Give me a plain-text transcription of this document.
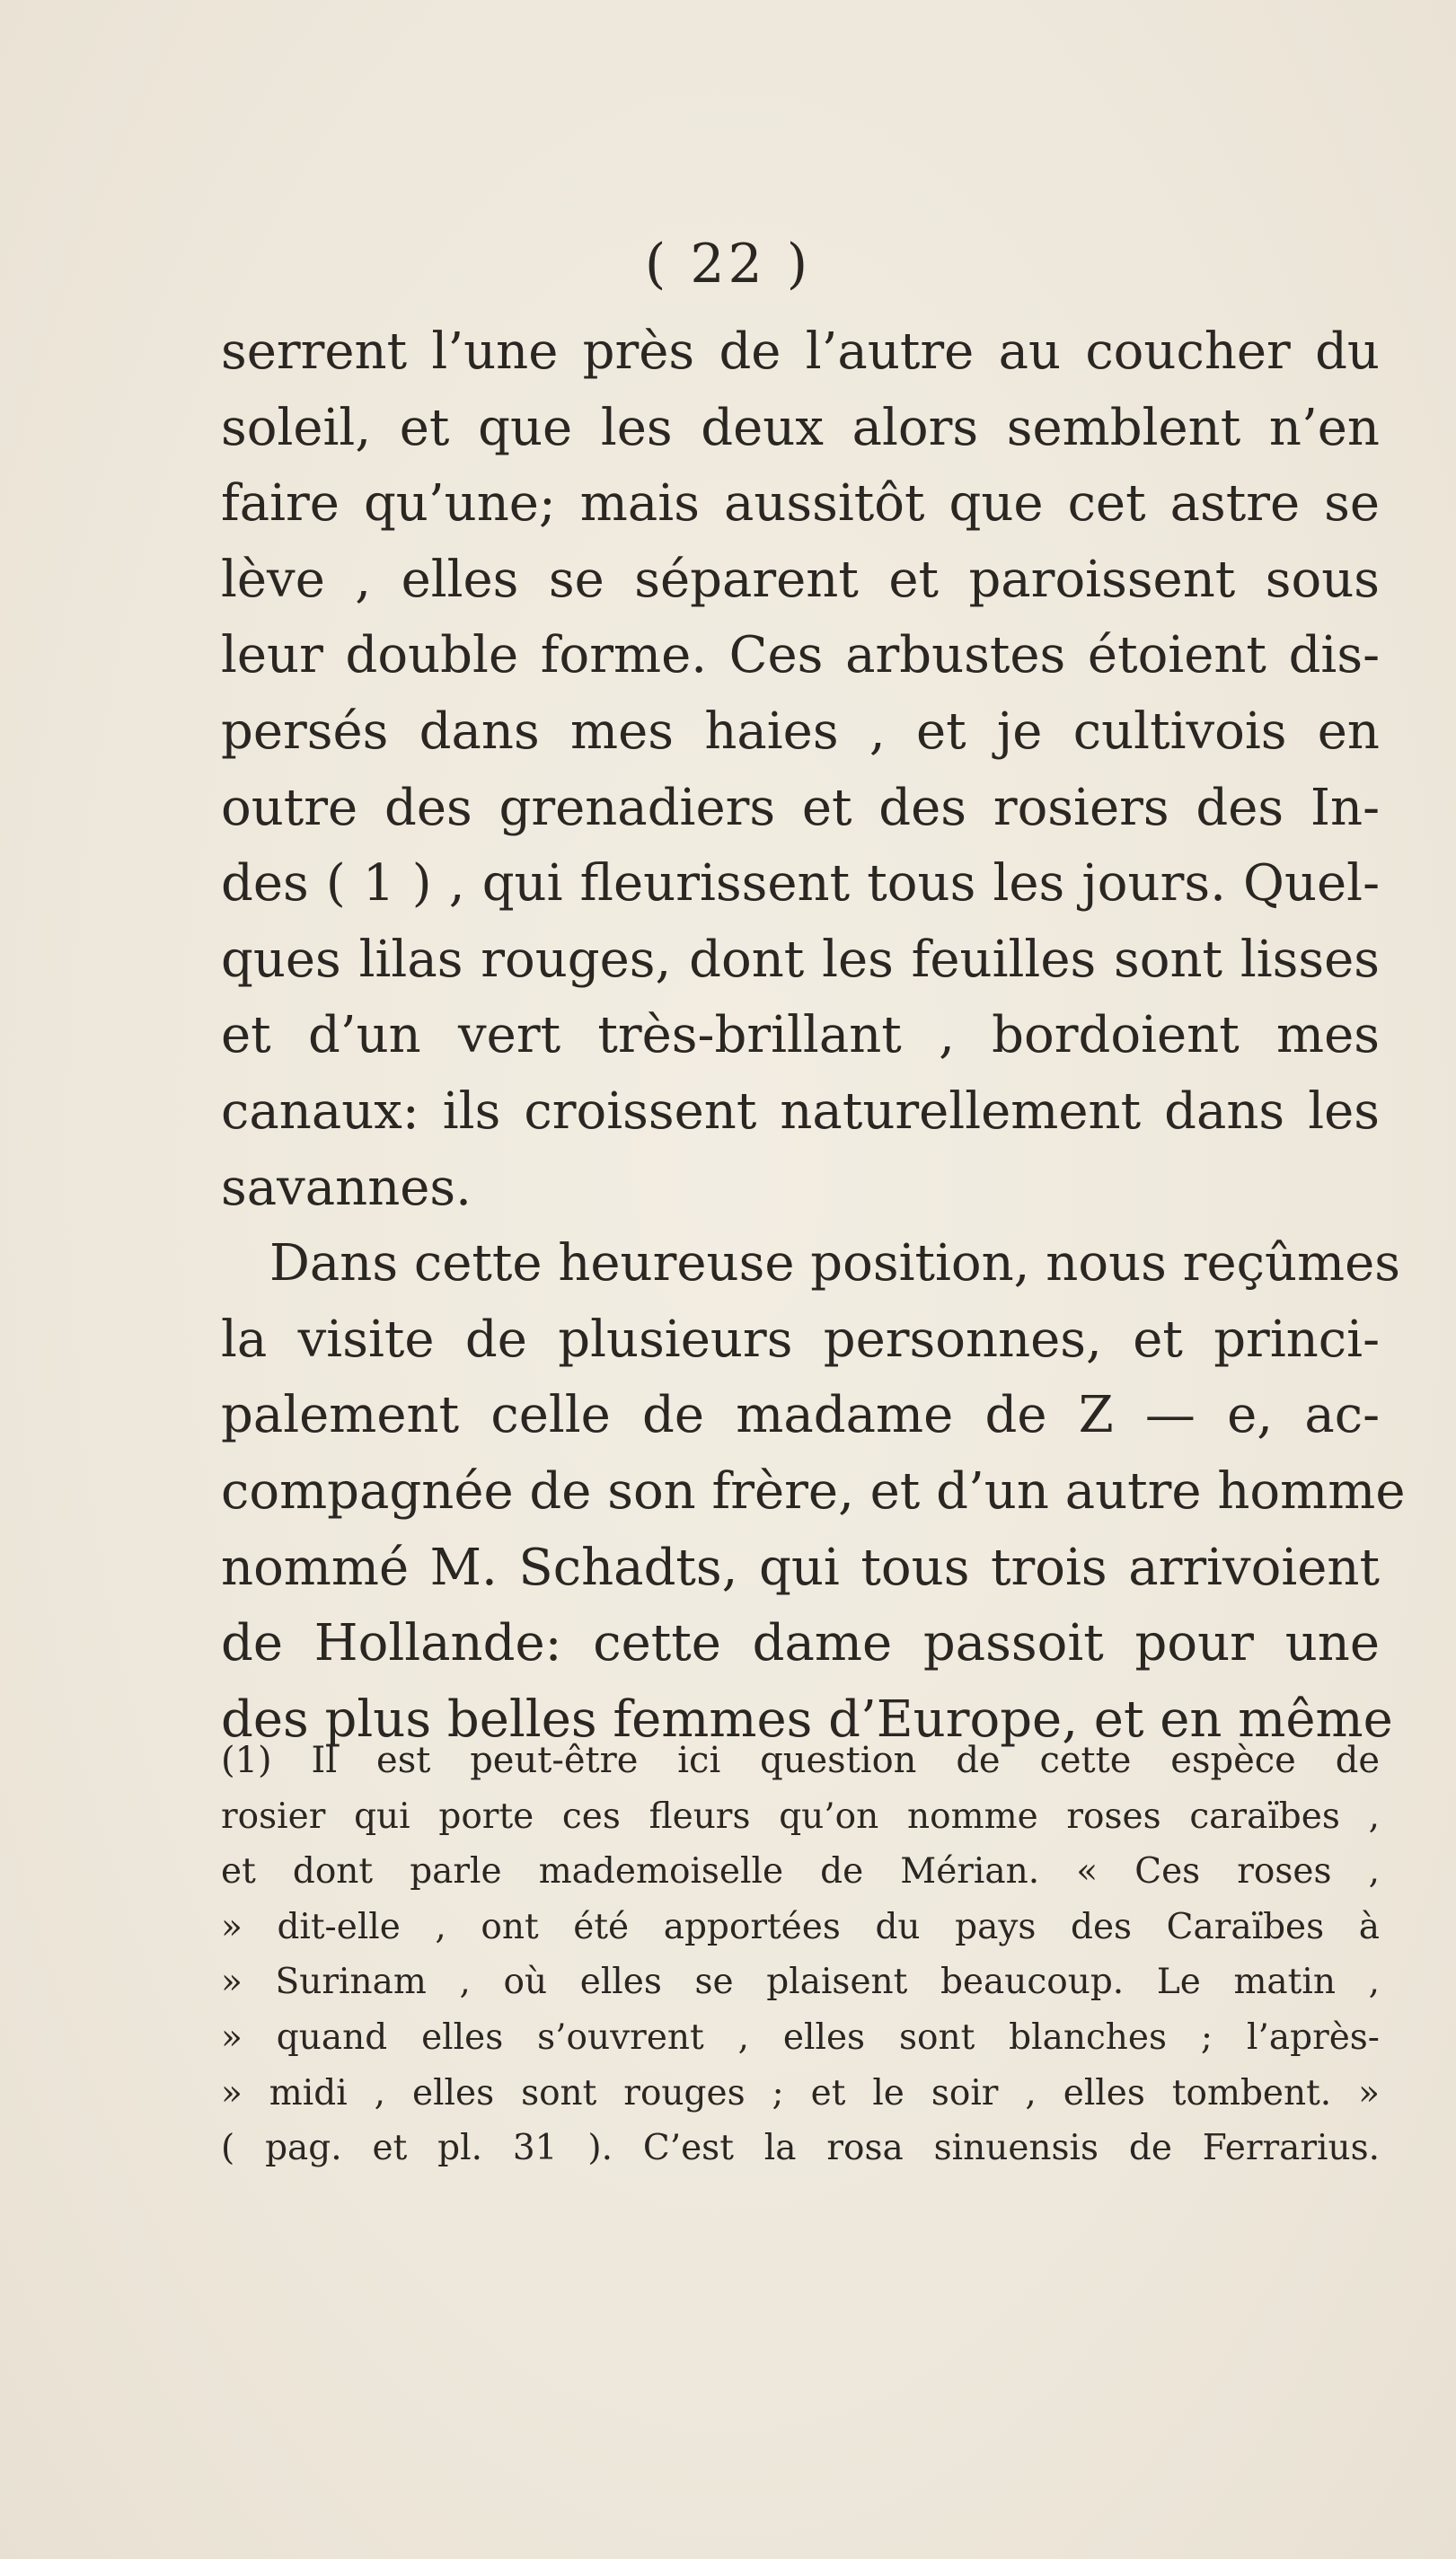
( 22 )
serrent l’une près de l’autre au coucher du
soleil, et que les deux alors semblent n’en
faire qu’une; mais aussitôt que cet astre se
lève , elles se séparent et paroissent sous
leur double forme. Ces arbustes étoient dis-
persés dans mes haies , et je cultivois en
outre des grenadiers et des rosiers des In-
des ( 1 ) , qui fleurissent tous les jours. Quel-
ques lilas rouges, dont les feuilles sont lisses
et d’un vert très-brillant , bordoient mes
canaux: ils croissent naturellement dans les
savannes.
Dans cette heureuse position, nous reçûmes
la visite de plusieurs personnes, et princi-
palement celle de madame de Z — e, ac-
compagnée de son frère, et d’un autre homme
nommé M. Schadts, qui tous trois arrivoient
de Hollande: cette dame passoit pour une
des plus belles femmes d’Europe, et en même
(1) Il est peut-être ici question de cette espèce de
rosier qui porte ces fleurs qu’on nomme roses caraïbes ,
et dont parle mademoiselle de Mérian. « Ces roses ,
» dit-elle , ont été apportées du pays des Caraïbes à
» Surinam , où elles se plaisent beaucoup. Le matin ,
» quand elles s’ouvrent , elles sont blanches ; l’après-
» midi , elles sont rouges ; et le soir , elles tombent. »
( pag. et pl. 31 ). C’est la rosa sinuensis de Ferrarius.
